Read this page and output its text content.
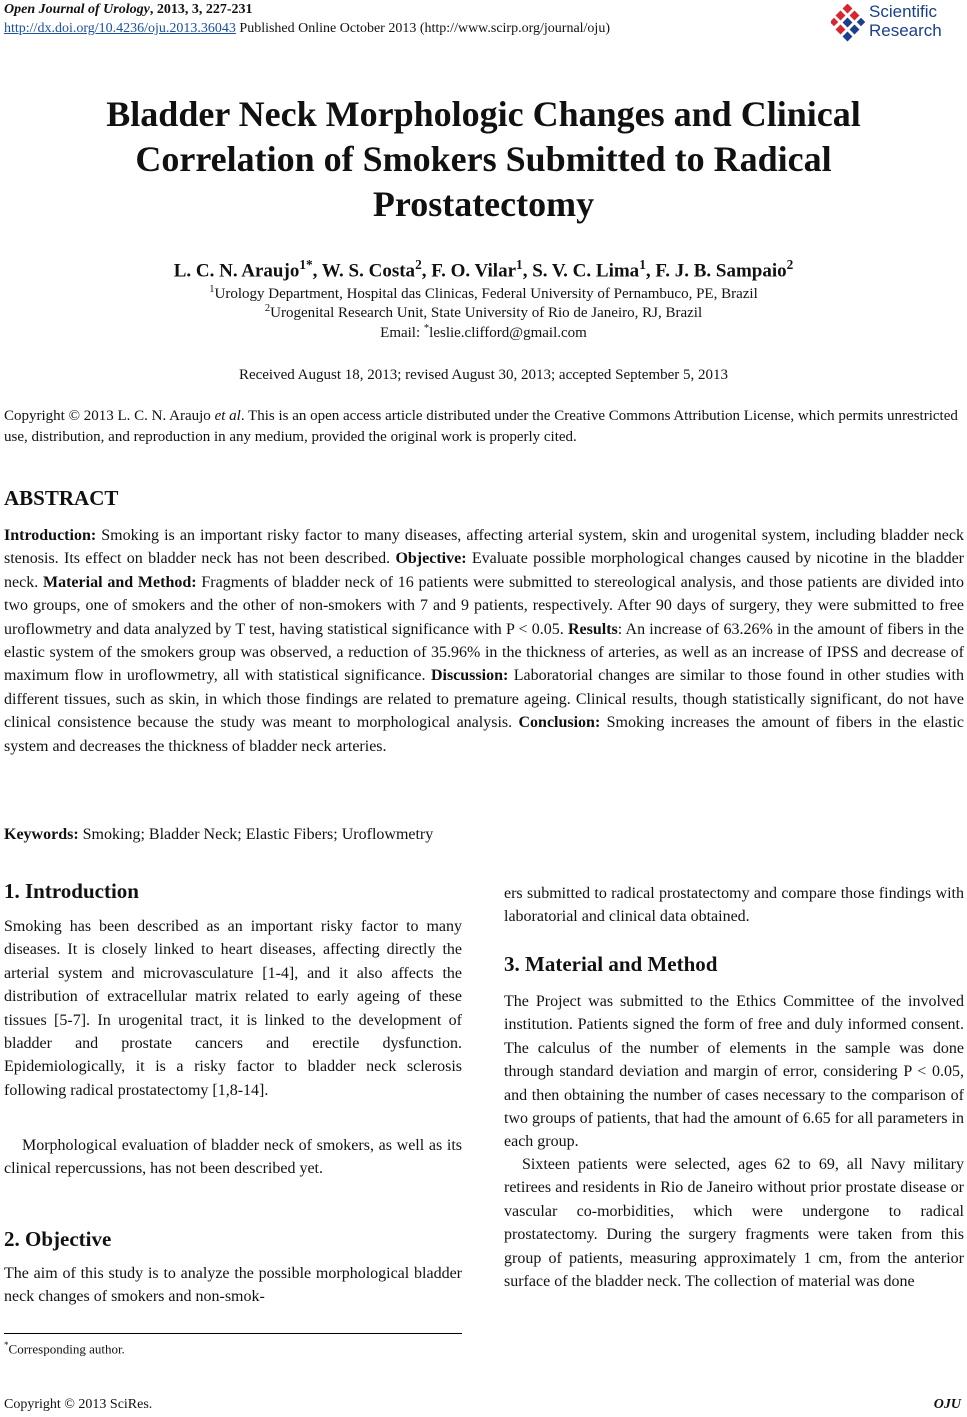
Open Journal of Urology, 2013, 3, 227-231
http://dx.doi.org/10.4236/oju.2013.36043 Published Online October 2013 (http://www.scirp.org/journal/oju)
Scientific
Research
Bladder Neck Morphologic Changes and Clinical
Correlation of Smokers Submitted to Radical
Prostatectomy
L. C. N. Araujo$^{1*}$, W. S. Costa$^2$, F. O. Vilar$^1$, S. V. C. Lima$^1$, F. J. B. Sampaio$^2$
$^1$Urology Department, Hospital das Clinicas, Federal University of Pernambuco, PE, Brazil
$^2$Urogenital Research Unit, State University of Rio de Janeiro, RJ, Brazil
Email: *leslie.clifford@gmail.com
Received August 18, 2013; revised August 30, 2013; accepted September 5, 2013
Copyright © 2013 L. C. N. Araujo et al. This is an open access article distributed under the Creative Commons Attribution License, which permits unrestricted use, distribution, and reproduction in any medium, provided the original work is properly cited.
ABSTRACT
Introduction: Smoking is an important risky factor to many diseases, affecting arterial system, skin and urogenital system, including bladder neck stenosis. Its effect on bladder neck has not been described. Objective: Evaluate possible morphological changes caused by nicotine in the bladder neck. Material and Method: Fragments of bladder neck of 16 patients were submitted to stereological analysis, and those patients are divided into two groups, one of smokers and the other of non-smokers with 7 and 9 patients, respectively. After 90 days of surgery, they were submitted to free uroflowmetry and data analyzed by T test, having statistical significance with P < 0.05. Results: An increase of 63.26% in the amount of fibers in the elastic system of the smokers group was observed, a reduction of 35.96% in the thickness of arteries, as well as an increase of IPSS and decrease of maximum flow in uroflowmetry, all with statistical significance. Discussion: Laboratorial changes are similar to those found in other studies with different tissues, such as skin, in which those findings are related to premature ageing. Clinical results, though statistically significant, do not have clinical consistence because the study was meant to morphological analysis. Conclusion: Smoking increases the amount of fibers in the elastic system and decreases the thickness of bladder neck arteries.
Keywords: Smoking; Bladder Neck; Elastic Fibers; Uroflowmetry
1. Introduction
Smoking has been described as an important risky factor to many diseases. It is closely linked to heart diseases, affecting directly the arterial system and microvasculature [1-4], and it also affects the distribution of extracellular matrix related to early ageing of these tissues [5-7]. In urogenital tract, it is linked to the development of bladder and prostate cancers and erectile dysfunction. Epidemiologically, it is a risky factor to bladder neck sclerosis following radical prostatectomy [1,8-14].
Morphological evaluation of bladder neck of smokers, as well as its clinical repercussions, has not been described yet.
2. Objective
The aim of this study is to analyze the possible morphological bladder neck changes of smokers and non-smok-
*Corresponding author.
ers submitted to radical prostatectomy and compare those findings with laboratorial and clinical data obtained.
3. Material and Method
The Project was submitted to the Ethics Committee of the involved institution. Patients signed the form of free and duly informed consent. The calculus of the number of elements in the sample was done through standard deviation and margin of error, considering P < 0.05, and then obtaining the number of cases necessary to the comparison of two groups of patients, that had the amount of 6.65 for all parameters in each group.
Sixteen patients were selected, ages 62 to 69, all Navy military retirees and residents in Rio de Janeiro without prior prostate disease or vascular co-morbidities, which were undergone to radical prostatectomy. During the surgery fragments were taken from this group of patients, measuring approximately 1 cm, from the anterior surface of the bladder neck. The collection of material was done
Copyright © 2013 SciRes.	OJU
